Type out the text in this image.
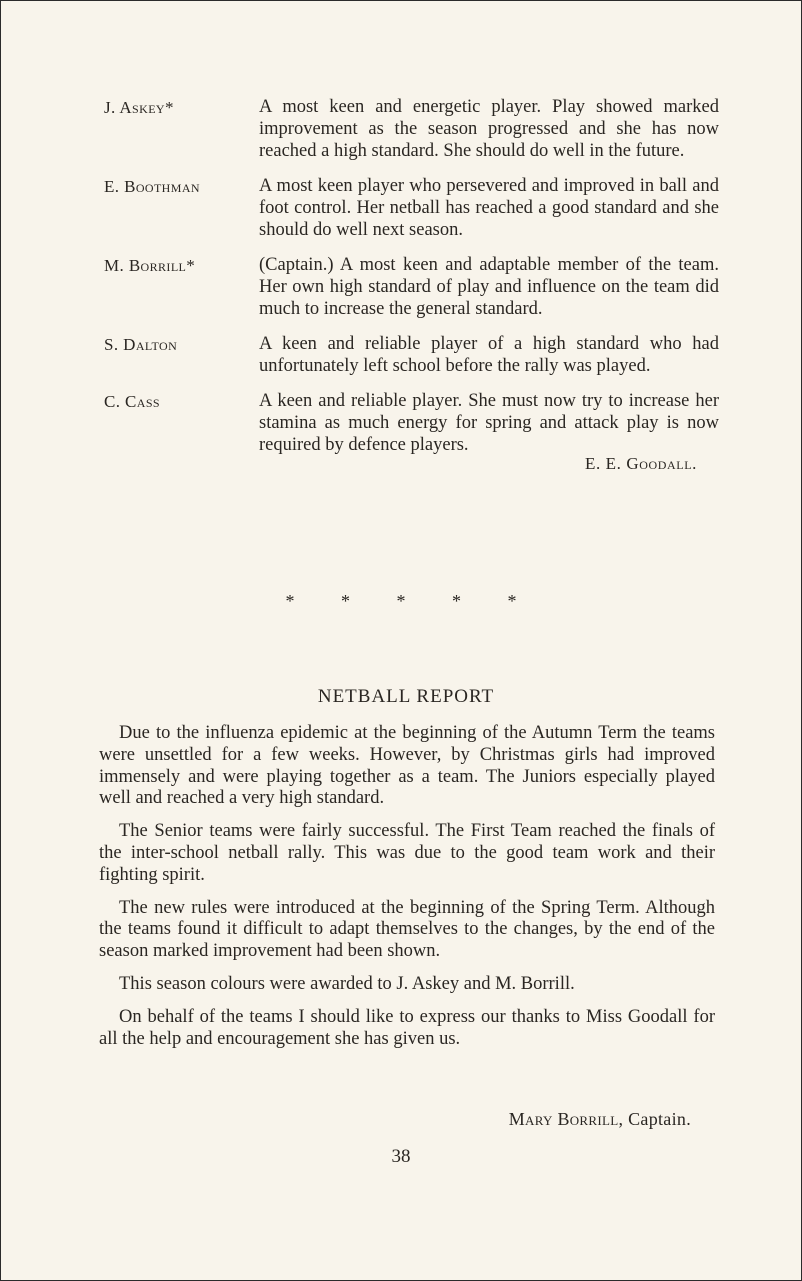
J. Askey*	A most keen and energetic player. Play showed marked improvement as the season progressed and she has now reached a high standard. She should do well in the future.
E. Boothman	A most keen player who persevered and improved in ball and foot control. Her netball has reached a good standard and she should do well next season.
M. Borrill*	(Captain.) A most keen and adaptable member of the team. Her own high standard of play and influence on the team did much to increase the general standard.
S. Dalton	A keen and reliable player of a high standard who had unfortunately left school before the rally was played.
C. Cass	A keen and reliable player. She must now try to increase her stamina as much energy for spring and attack play is now required by defence players.
E. E. Goodall.
*	*	*	*	*
NETBALL REPORT

Due to the influenza epidemic at the beginning of the Autumn Term the teams were unsettled for a few weeks. However, by Christmas girls had improved immensely and were playing together as a team. The Juniors especially played well and reached a very high standard.

The Senior teams were fairly successful. The First Team reached the finals of the inter-school netball rally. This was due to the good team work and their fighting spirit.

The new rules were introduced at the beginning of the Spring Term. Although the teams found it difficult to adapt themselves to the changes, by the end of the season marked improvement had been shown.

This season colours were awarded to J. Askey and M. Borrill.

On behalf of the teams I should like to express our thanks to Miss Goodall for all the help and encouragement she has given us.

Mary Borrill, Captain.
38
